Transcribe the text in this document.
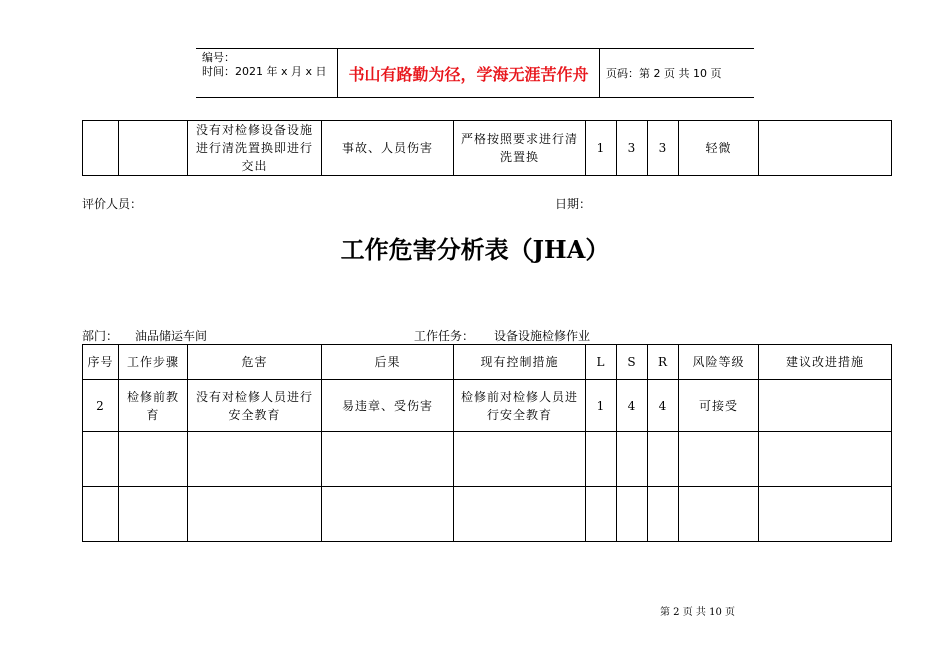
编号：
时间：2021 年 x 月 x 日	书山有路勤为径，学海无涯苦作舟	页码：第 2 页 共 10 页
		没有对检修设备设施进行清洗置换即进行交出	事故、人员伤害	严格按照要求进行清洗置换	1	3	3	轻微	
评价人员：	日期：
工作危害分析表（JHA）
部门： 油品储运车间	工作任务： 设备设施检修作业
序号	工作步骤	危害	后果	现有控制措施	L	S	R	风险等级	建议改进措施
2	检修前教育	没有对检修人员进行安全教育	易违章、受伤害	检修前对检修人员进行安全教育	1	4	4	可接受	

第 2 页 共 10 页
